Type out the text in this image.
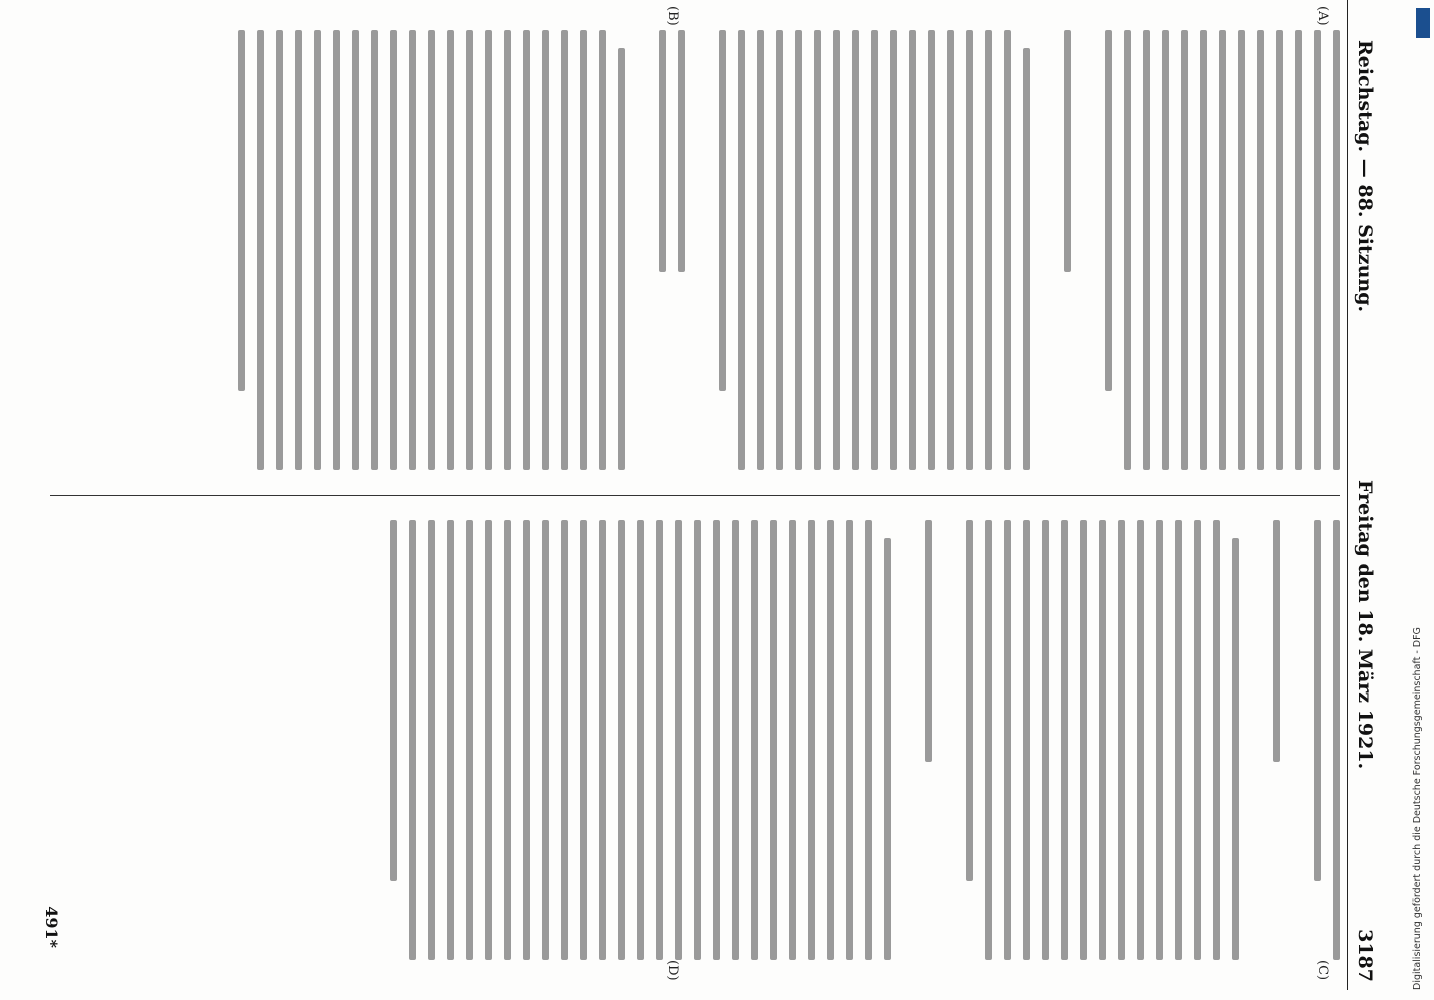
Reichstag. — 88. Sitzung.
Freitag den 18. März 1921.
3187
(A)
(B)
(C)
(D)
491*	Digitalisierung gefördert durch die Deutsche Forschungsgemeinschaft - DFG
